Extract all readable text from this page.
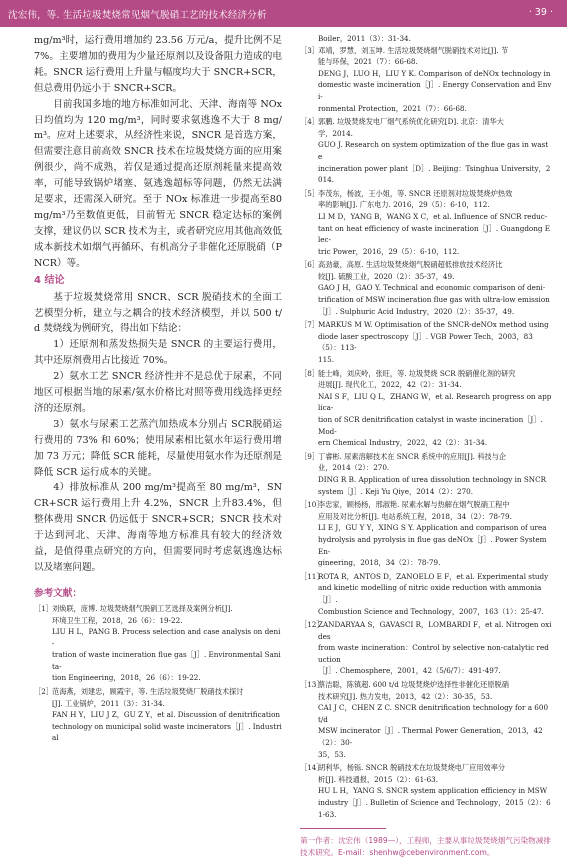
沈宏伟，等. 生活垃圾焚烧常见烟气脱硝工艺的技术经济分析	· 39 ·
mg/m³时，运行费用增加约 23.56 万元/a，提升比例不足 7%。主要增加的费用为少量还原剂以及设备阻力造成的电耗。SNCR 运行费用上升量与幅度均大于 SNCR+SCR，但总费用仍远小于 SNCR+SCR。
目前我国多地的地方标准如河北、天津、海南等 NOx 日均值均为 120 mg/m³，同时要求氨逃逸不大于 8 mg/m³。应对上述要求，从经济性来说，SNCR 是首选方案，但需要注意目前高效 SNCR 技术在垃圾焚烧方面的应用案例很少，尚不成熟，若仅是通过提高还原剂耗量来提高效率，可能导致锅炉堵塞、氨逃逸超标等问题，仍然无法满足要求，还需深入研究。至于 NOx 标准进一步提高至80 mg/m³乃至数值更低，目前暂无 SNCR 稳定达标的案例支撑，建议仍以 SCR 技术为主，或者研究应用其他高效低成本新技术如烟气再循环、有机高分子非催化还原脱硝（PNCR）等。
4 结论
基于垃圾焚烧常用 SNCR、SCR 脱硝技术的全面工艺模型分析，建立与之耦合的技术经济模型，并以 500 t/d 焚烧线为例研究，得出如下结论：
1）还原剂和蒸发热损失是 SNCR 的主要运行费用，其中还原剂费用占比接近 70%。
2）氨水工艺 SNCR 经济性并不是总优于尿素，不同地区可根据当地的尿素/氨水价格比对照等费用线选择更经济的还原剂。
3）氨水与尿素工艺蒸汽加热成本分别占 SCR脱硝运行费用的 73% 和 60%；使用尿素相比氨水年运行费用增加 73 万元；降低 SCR 能耗，尽量使用氨水作为还原剂是降低 SCR 运行成本的关键。
4）排放标准从 200 mg/m³提高至 80 mg/m³，SNCR+SCR 运行费用上升 4.2%，SNCR 上升83.4%，但整体费用 SNCR 仍远低于 SNCR+SCR；SNCR 技术对于达到河北、天津、海南等地方标准具有较大的经济效益，是值得重点研究的方向，但需要同时考虑氨逃逸达标以及堵塞问题。
参考文献：
［1］ 刘焕联，庞博. 垃圾焚烧烟气脱硝工艺选择及案例分析[J].
环境卫生工程，2018，26（6）：19-22.
LIU H L，PANG B. Process selection and case analysis on deni-
tration of waste incineration flue gas［J］. Environmental Sanita-
tion Engineering，2018，26（6）：19-22.
［2］ 范海燕，刘建忠，顾霞宇，等. 生活垃圾焚烧厂脱硝技术探讨
[J]. 工业锅炉，2011（3）：31-34.
FAN H Y，LIU J Z，GU Z Y，et al. Discussion of denitrification
technology on municipal solid waste incinerators［J］. Industrial
Boiler，2011（3）：31-34.
［3］ 邓靖，罗慧，刘玉坤. 生活垃圾焚烧烟气脱硝技术对比[J]. 节
能与环保，2021（7）：66-68.
DENG J，LUO H，LIU Y K. Comparison of deNOx technology in
domestic waste incineration［J］. Energy Conservation and Envi-
ronmental Protection，2021（7）：66-68.
［4］ 郭鹏. 垃圾焚烧发电厂烟气系统优化研究[D]. 北京：清华大
学，2014.
GUO J. Research on system optimization of the flue gas in waste
incineration power plant［D］. Beijing：Tsinghua University，2014.
［5］ 李茂东，杨波，王小姐，等. SNCR 还原剂对垃圾焚烧炉热效
率的影响[J]. 广东电力. 2016，29（5）：6-10，112.
LI M D，YANG B，WANG X C，et al. Influence of SNCR reduc-
tant on heat efficiency of waste incineration［J］. Guangdong Elec-
tric Power，2016，29（5）：6-10，112.
［6］ 高劲豪，高原. 生活垃圾焚烧烟气脱硝超低排放技术经济比
较[J]. 硫酸工业，2020（2）：35-37，49.
GAO J H，GAO Y. Technical and economic comparison of deni-
trification of MSW incineration flue gas with ultra-low emission
［J］. Sulphuric Acid Industry，2020（2）：35-37，49.
［7］ MARKUS M W. Optimisation of the SNCR-deNOx method using
diode laser spectroscopy［J］. VGB Power Tech，2003，83（5）：113-
115.
［8］ 能士峰，刘庆岭，张旺，等. 垃圾焚烧 SCR 脱硝催化剂的研究
进展[J]. 现代化工，2022，42（2）：31-34.
NAI S F，LIU Q L，ZHANG W，et al. Research progress on applica-
tion of SCR denitrification catalyst in waste incineration［J］. Mod-
ern Chemical Industry，2022，42（2）：31-34.
［9］ 丁睿彬. 尿素溶解技术在 SNCR 系统中的应用[J]. 科技与企
业，2014（2）：270.
DING R B. Application of urea dissolution technology in SNCR
system［J］. Keji Yu Qiye，2014（2）：270.
［10］
李忠家，顾杨杨，邢淑艳. 尿素水解与热解在烟气脱硝工程中
应用及对比分析[J]. 电站系统工程，2018，34（2）：78-79.
LI E J，GU Y Y，XING S Y. Application and comparison of urea
hydrolysis and pyrolysis in flue gas deNOx［J］. Power System En-
gineering，2018，34（2）：78-79.
［11］
ROTA R，ANTOS D，ZANOELO E F，et al. Experimental study
and kinetic modelling of nitric oxide reduction with ammonia［J］.
Combustion Science and Technology，2007，163（1）：25-47.
［12］
ZANDARYAA S，GAVASCI R，LOMBARDI F，et al. Nitrogen oxides
from waste incineration：Control by selective non-catalytic reduction
［J］. Chemosphere，2001，42（5/6/7）：491-497.
［13］
蔡洁聪，陈镇超. 600 t/d 垃圾焚烧炉选择性非催化还原脱硝
技术研究[J]. 热力发电，2013，42（2）：30-35，53.
CAI J C，CHEN Z C. SNCR denitrification technology for a 600 t/d
MSW incinerator［J］. Thermal Power Generation，2013，42（2）：30-
35，53.
［14］
胡利华，杨铄. SNCR 脱硝技术在垃圾焚烧电厂应用效率分
析[J]. 科技通报，2015（2）：61-63.
HU L H，YANG S. SNCR system application efficiency in MSW
industry［J］. Bulletin of Science and Technology，2015（2）：61-63.
第一作者：沈宏伟（1989—），工程师，主要从事垃圾焚烧烟气污染物减排技术研究。E-mail：shenhw@cebenvironment.com。
